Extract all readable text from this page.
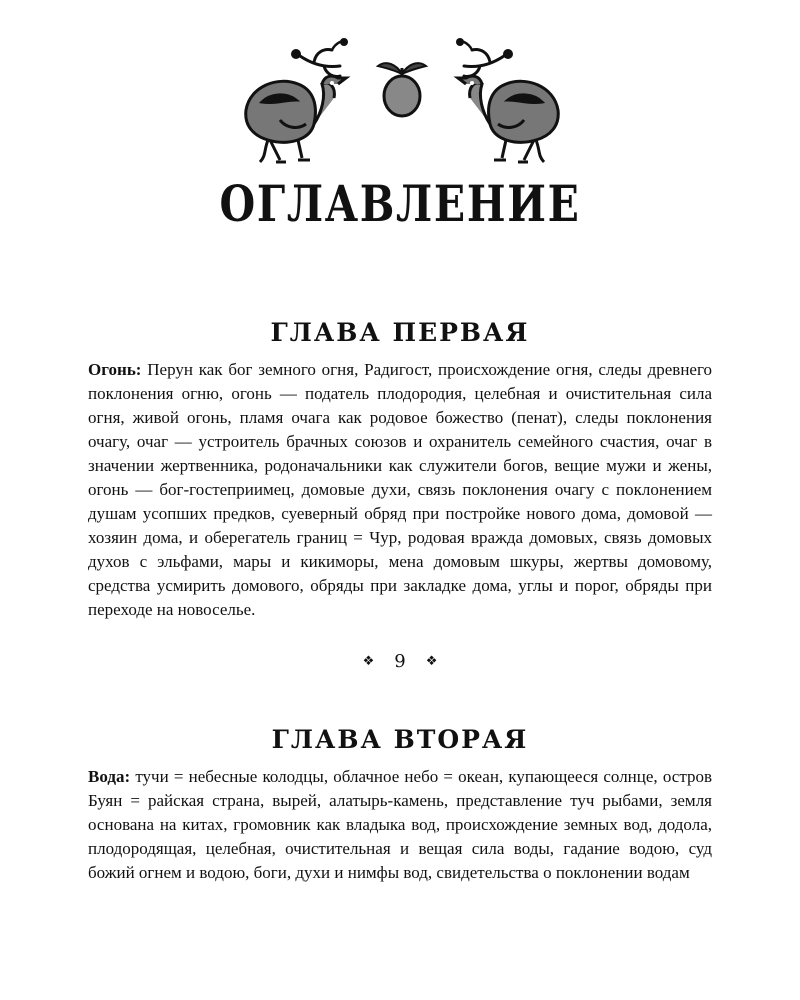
ОГЛАВЛЕНИЕ
ГЛАВА ПЕРВАЯ
Огонь: Перун как бог земного огня, Радигост, происхождение огня, следы древнего поклонения огню, огонь — податель плодородия, целебная и очистительная сила огня, живой огонь, пламя очага как родовое божество (пенат), следы поклонения очагу, очаг — устроитель брачных союзов и охранитель семейного счастия, очаг в значении жертвенника, родоначальники как служители богов, вещие мужи и жены, огонь — бог-гостеприимец, домовые духи, связь поклонения очагу с поклонением душам усопших предков, суеверный обряд при постройке нового дома, домовой — хозяин дома, и оберегатель границ = Чур, родовая вражда домовых, связь домовых духов с эльфами, мары и кикиморы, мена домовым шкуры, жертвы домовому, средства усмирить домового, обряды при закладке дома, углы и порог, обряды при переходе на новоселье.
❖ 9 ❖
ГЛАВА ВТОРАЯ
Вода: тучи = небесные колодцы, облачное небо = океан, купающееся солнце, остров Буян = райская страна, вырей, алатырь-камень, представление туч рыбами, земля основана на китах, громовник как владыка вод, происхождение земных вод, додола, плодородящая, целебная, очистительная и вещая сила воды, гадание водою, суд божий огнем и водою, боги, духи и нимфы вод, свидетельства о поклонении водам
